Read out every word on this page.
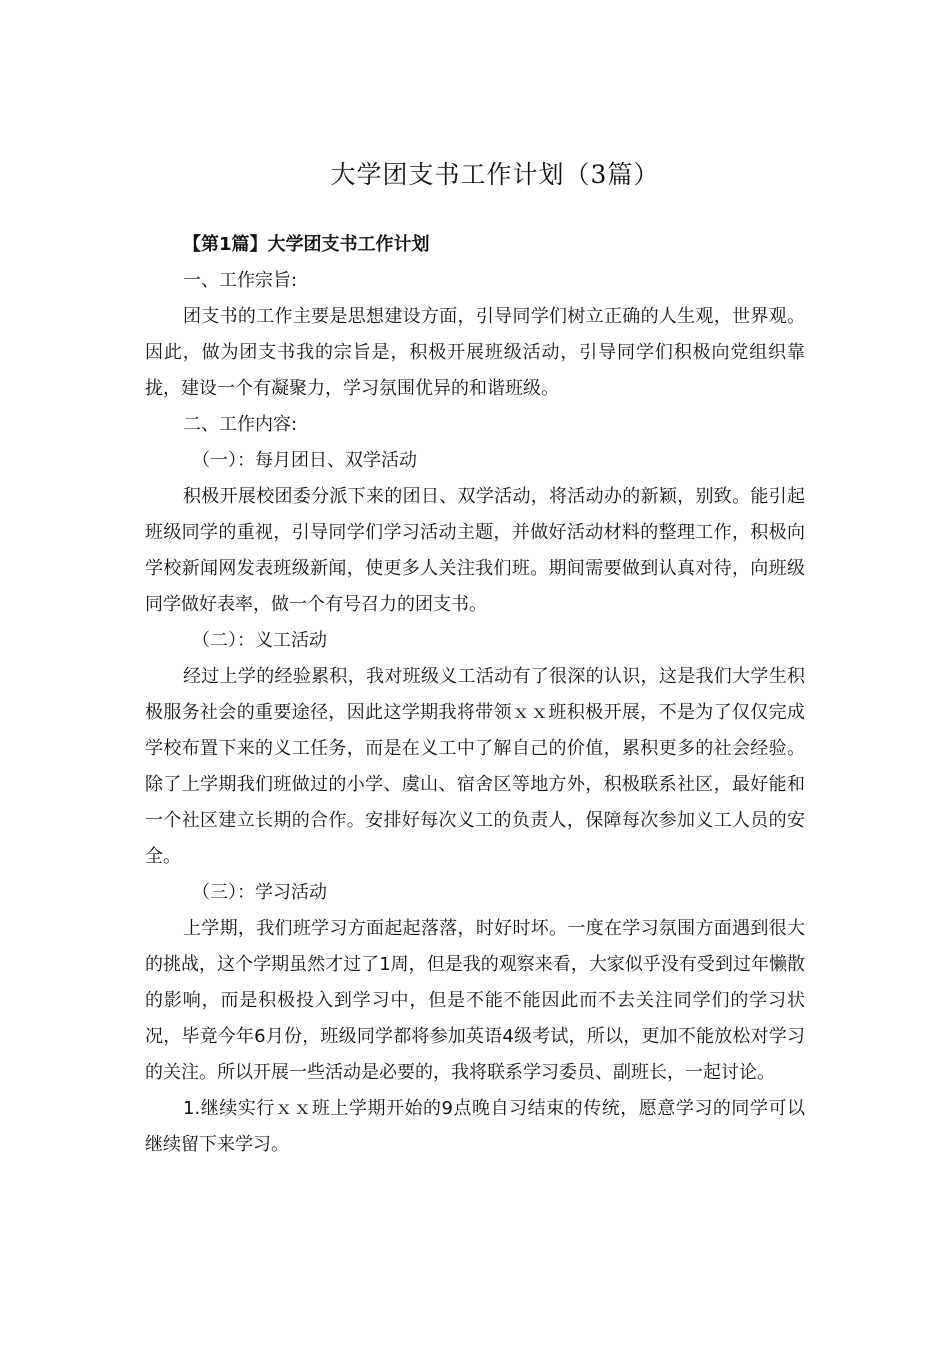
大学团支书工作计划（3篇）

【第1篇】大学团支书工作计划

一、工作宗旨:

团支书的工作主要是思想建设方面，引导同学们树立正确的人生观，世界观。因此，做为团支书我的宗旨是，积极开展班级活动，引导同学们积极向党组织靠拢，建设一个有凝聚力，学习氛围优异的和谐班级。

二、工作内容:

（一）：每月团日、双学活动

积极开展校团委分派下来的团日、双学活动，将活动办的新颖，别致。能引起班级同学的重视，引导同学们学习活动主题，并做好活动材料的整理工作，积极向学校新闻网发表班级新闻，使更多人关注我们班。期间需要做到认真对待，向班级同学做好表率，做一个有号召力的团支书。

（二）：义工活动

经过上学的经验累积，我对班级义工活动有了很深的认识，这是我们大学生积极服务社会的重要途径，因此这学期我将带领ｘｘ班积极开展，不是为了仅仅完成学校布置下来的义工任务，而是在义工中了解自己的价值，累积更多的社会经验。除了上学期我们班做过的小学、虞山、宿舍区等地方外，积极联系社区，最好能和一个社区建立长期的合作。安排好每次义工的负责人，保障每次参加义工人员的安全。

（三）：学习活动

上学期，我们班学习方面起起落落，时好时坏。一度在学习氛围方面遇到很大的挑战，这个学期虽然才过了1周，但是我的观察来看，大家似乎没有受到过年懒散的影响，而是积极投入到学习中，但是不能不能因此而不去关注同学们的学习状况，毕竟今年6月份，班级同学都将参加英语4级考试，所以，更加不能放松对学习的关注。所以开展一些活动是必要的，我将联系学习委员、副班长，一起讨论。

1.继续实行ｘｘ班上学期开始的9点晚自习结束的传统，愿意学习的同学可以继续留下来学习。
